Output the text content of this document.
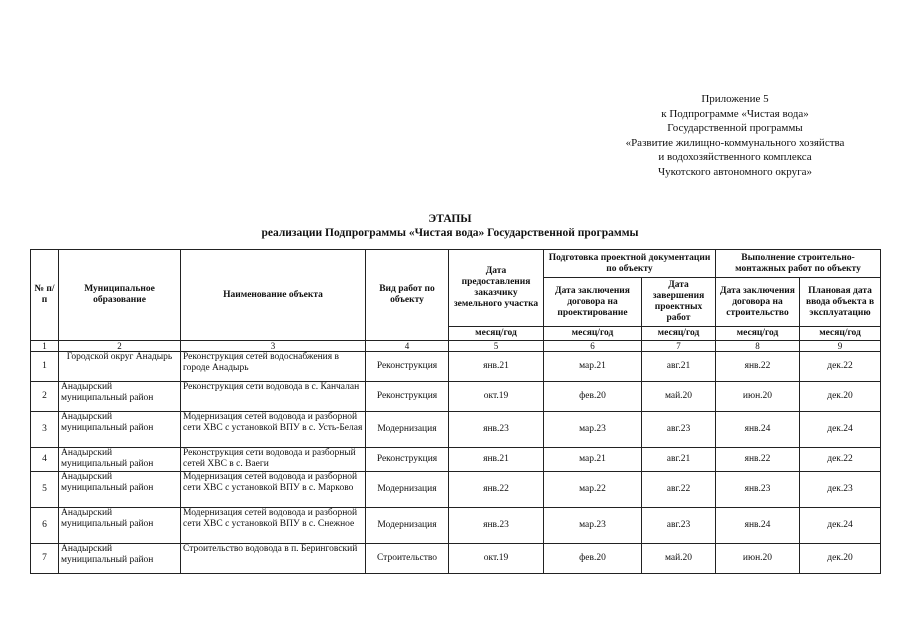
Приложение 5
к Подпрограмме «Чистая вода»
Государственной программы
«Развитие жилищно-коммунального хозяйства
и водохозяйственного комплекса
Чукотского автономного округа»
ЭТАПЫ
реализации Подпрограммы «Чистая вода» Государственной программы
№ п/п	Муниципальное образование	Наименование объекта	Вид работ по объекту	Дата предоставления заказчику земельного участка	Подготовка проектной документации по объекту		Выполнение строительно-монтажных работ по объекту	
					Дата заключения договора на проектирование	Дата завершения проектных работ	Дата заключения договора на строительство	Плановая дата ввода объекта в эксплуатацию
				месяц/год	месяц/год	месяц/год	месяц/год	месяц/год
1	2	3	4	5	6	7	8	9
1	Городской округ Анадырь	Реконструкция сетей водоснабжения в городе Анадырь	Реконструкция	янв.21	мар.21	авг.21	янв.22	дек.22
2	Анадырский муниципальный район	Реконструкция сети водовода в с. Канчалан	Реконструкция	окт.19	фев.20	май.20	июн.20	дек.20
3	Анадырский муниципальный район	Модернизация сетей водовода и разборной сети ХВС с установкой ВПУ в с. Усть-Белая	Модернизация	янв.23	мар.23	авг.23	янв.24	дек.24
4	Анадырский муниципальный район	Реконструкция сети водовода и разборный сетей ХВС в с. Ваеги	Реконструкция	янв.21	мар.21	авг.21	янв.22	дек.22
5	Анадырский муниципальный район	Модернизация сетей водовода и разборной сети ХВС с установкой ВПУ в с. Марково	Модернизация	янв.22	мар.22	авг.22	янв.23	дек.23
6	Анадырский муниципальный район	Модернизация сетей водовода и разборной сети ХВС с установкой ВПУ в с. Снежное	Модернизация	янв.23	мар.23	авг.23	янв.24	дек.24
7	Анадырский муниципальный район	Строительство водовода в п. Беринговский	Строительство	окт.19	фев.20	май.20	июн.20	дек.20
